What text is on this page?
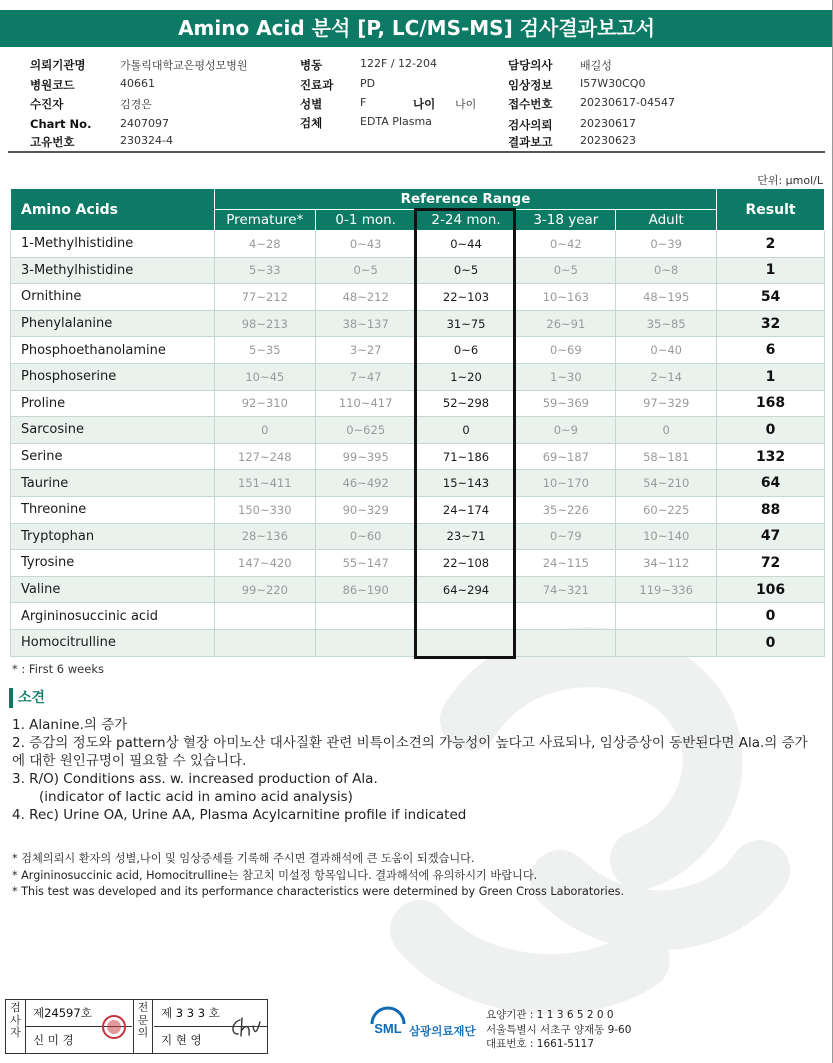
Amino Acid 분석 [P, LC/MS-MS] 검사결과보고서
의뢰기관명	가톨릭대학교은평성모병원
병원코드	40661
수진자	김경은
Chart No.	2407097
고유번호	230324-4
병동	122F / 12-204
진료과 PD
성별	F	나이 나이
검체	EDTA Plasma
담당의사	배길성
임상정보	I57W30CQ0
접수번호	20230617-04547
검사의뢰	20230617
결과보고	20230623
단위: μmol/L
Amino Acids	Reference Range					Result
	Premature*	0-1 mon.	2-24 mon.	3-18 year	Adult	
1-Methylhistidine	4~28	0~43	0~44	0~42	0~39	2
3-Methylhistidine	5~33	0~5	0~5	0~5	0~8	1
Ornithine	77~212	48~212	22~103	10~163	48~195	54
Phenylalanine	98~213	38~137	31~75	26~91	35~85	32
Phosphoethanolamine	5~35	3~27	0~6	0~69	0~40	6
Phosphoserine	10~45	7~47	1~20	1~30	2~14	1
Proline	92~310	110~417	52~298	59~369	97~329	168
Sarcosine	0	0~625	0	0~9	0	0
Serine	127~248	99~395	71~186	69~187	58~181	132
Taurine	151~411	46~492	15~143	10~170	54~210	64
Threonine	150~330	90~329	24~174	35~226	60~225	88
Tryptophan	28~136	0~60	23~71	0~79	10~140	47
Tyrosine	147~420	55~147	22~108	24~115	34~112	72
Valine	99~220	86~190	64~294	74~321	119~336	106
Argininosuccinic acid						0
Homocitrulline						0
* : First 6 weeks
소견
1. Alanine.의 증가
2. 증감의 정도와 pattern상 혈장 아미노산 대사질환 관련 비특이소견의 가능성이 높다고 사료되나, 임상증상이 동반된다면 Ala.의 증가에 대한 원인규명이 필요할 수 있습니다.
3. R/O) Conditions ass. w. increased production of Ala.
(indicator of lactic acid in amino acid analysis)
4. Rec) Urine OA, Urine AA, Plasma Acylcarnitine profile if indicated
* 검체의뢰시 환자의 성별,나이 및 임상증세를 기록해 주시면 결과해석에 큰 도움이 되겠습니다.
* Argininosuccinic acid, Homocitrulline는 참고치 미설정 항목입니다. 결과해석에 유의하시기 바랍니다.
* This test was developed and its performance characteristics were determined by Green Cross Laboratories.
검사자
제24597호
신 미 경
전문의
제 3 3 3 호
지 현 영
SML 삼광의료재단
요양기관 : 1 1 3 6 5 2 0 0
서울특별시 서초구 양재동 9-60
대표번호 : 1661-5117
